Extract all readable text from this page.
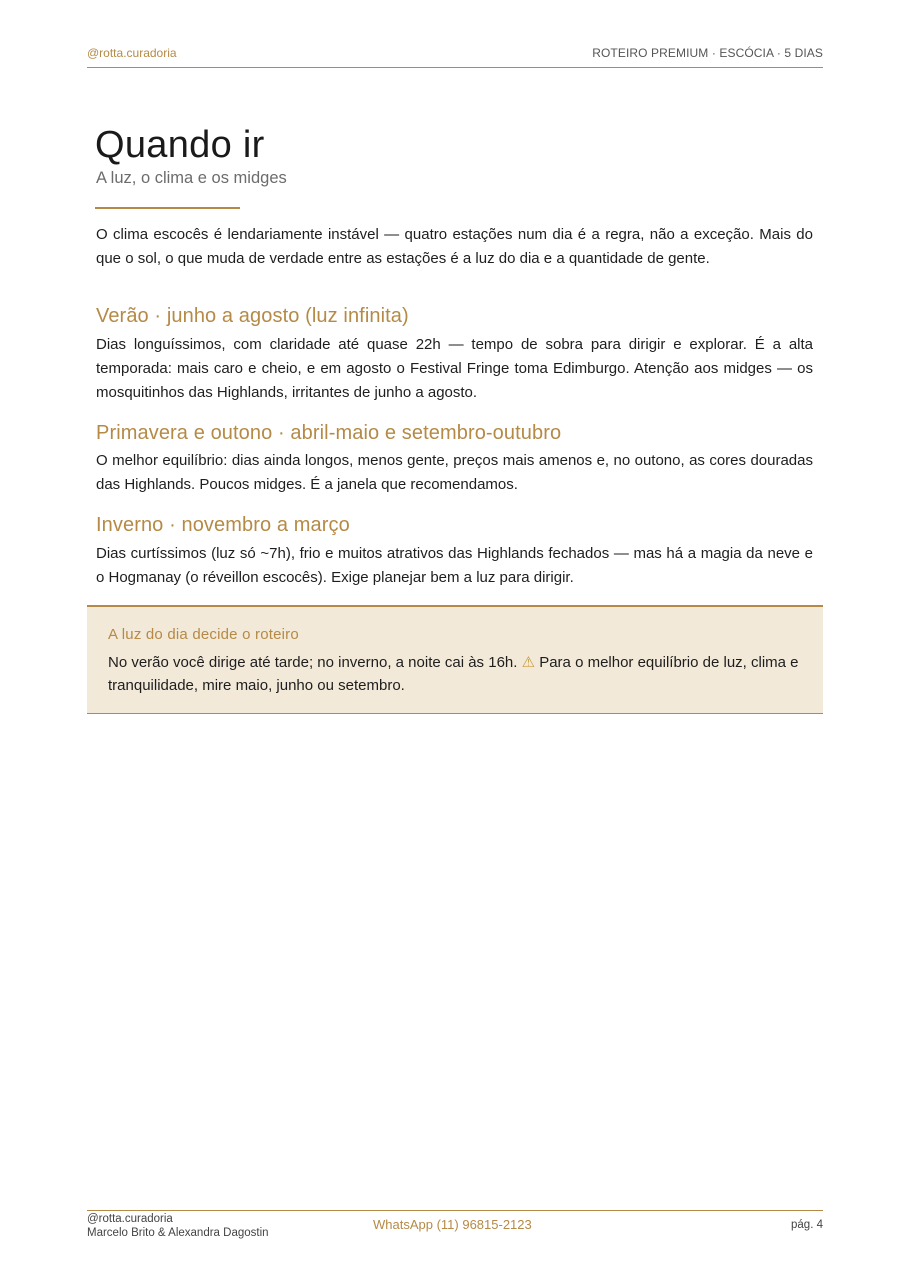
@rotta.curadoria	ROTEIRO PREMIUM · ESCÓCIA · 5 DIAS
Quando ir
A luz, o clima e os midges

O clima escocês é lendariamente instável — quatro estações num dia é a regra, não a exceção. Mais do que o sol, o que muda de verdade entre as estações é a luz do dia e a quantidade de gente.

Verão · junho a agosto (luz infinita)

Dias longuíssimos, com claridade até quase 22h — tempo de sobra para dirigir e explorar. É a alta temporada: mais caro e cheio, e em agosto o Festival Fringe toma Edimburgo. Atenção aos midges — os mosquitinhos das Highlands, irritantes de junho a agosto.

Primavera e outono · abril-maio e setembro-outubro

O melhor equilíbrio: dias ainda longos, menos gente, preços mais amenos e, no outono, as cores douradas das Highlands. Poucos midges. É a janela que recomendamos.

Inverno · novembro a março

Dias curtíssimos (luz só ~7h), frio e muitos atrativos das Highlands fechados — mas há a magia da neve e o Hogmanay (o réveillon escocês). Exige planejar bem a luz para dirigir.

A luz do dia decide o roteiro

No verão você dirige até tarde; no inverno, a noite cai às 16h. ⚠ Para o melhor equilíbrio de luz, clima e tranquilidade, mire maio, junho ou setembro.

@rotta.curadoria
Marcelo Brito & Alexandra Dagostin
WhatsApp (11) 96815-2123	pág. 4
